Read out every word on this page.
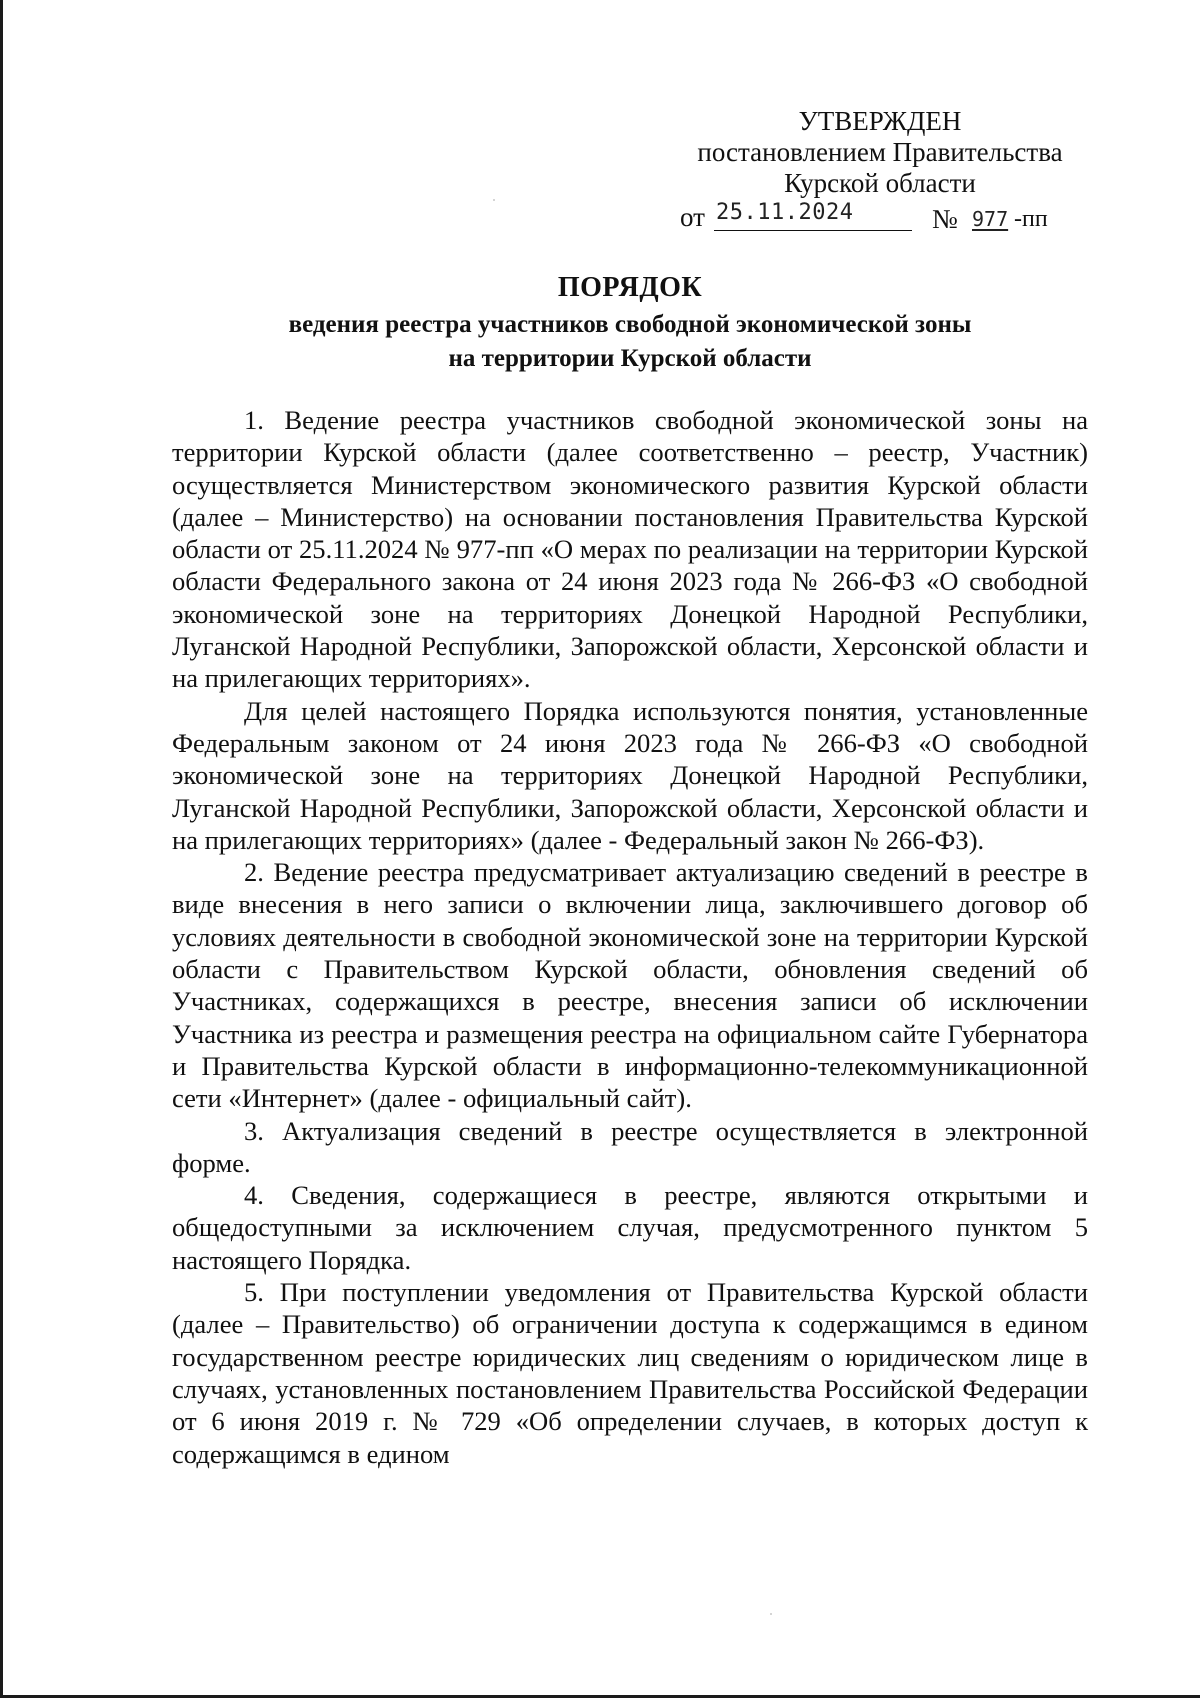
УТВЕРЖДЕН
постановлением Правительства
Курской области
от 25.11.2024	№ 977 -пп
ПОРЯДОК
ведения реестра участников свободной экономической зоны
на территории Курской области

1. Ведение реестра участников свободной экономической зоны на территории Курской области (далее соответственно – реестр, Участник) осуществляется Министерством экономического развития Курской области (далее – Министерство) на основании постановления Правительства Курской области от 25.11.2024 № 977-пп «О мерах по реализации на территории Курской области Федерального закона от 24 июня 2023 года № 266-ФЗ «О свободной экономической зоне на территориях Донецкой Народной Республики, Луганской Народной Республики, Запорожской области, Херсонской области и на прилегающих территориях».

Для целей настоящего Порядка используются понятия, установленные Федеральным законом от 24 июня 2023 года № 266-ФЗ «О свободной экономической зоне на территориях Донецкой Народной Республики, Луганской Народной Республики, Запорожской области, Херсонской области и на прилегающих территориях» (далее - Федеральный закон № 266-ФЗ).

2. Ведение реестра предусматривает актуализацию сведений в реестре в виде внесения в него записи о включении лица, заключившего договор об условиях деятельности в свободной экономической зоне на территории Курской области с Правительством Курской области, обновления сведений об Участниках, содержащихся в реестре, внесения записи об исключении Участника из реестра и размещения реестра на официальном сайте Губернатора и Правительства Курской области в информационно-телекоммуникационной сети «Интернет» (далее - официальный сайт).

3. Актуализация сведений в реестре осуществляется в электронной форме.

4. Сведения, содержащиеся в реестре, являются открытыми и общедоступными за исключением случая, предусмотренного пунктом 5 настоящего Порядка.

5. При поступлении уведомления от Правительства Курской области (далее – Правительство) об ограничении доступа к содержащимся в едином государственном реестре юридических лиц сведениям о юридическом лице в случаях, установленных постановлением Правительства Российской Федерации от 6 июня 2019 г. № 729 «Об определении случаев, в которых доступ к содержащимся в едином
